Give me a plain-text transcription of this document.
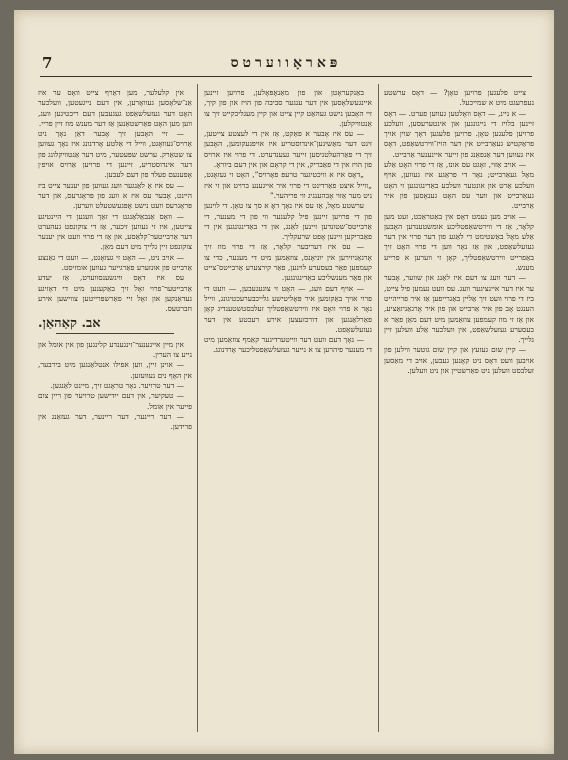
7	פּאראָווערטס

צייט פלעגען פרויען טאָן? — דאָס ערשטע נעפרעגט מיט א שמייכעל.

— א ניינ, — דאָס וואָלטען געווען פערט. — דאָס זיינען בלויז די נייגונגען און אינטערעסען, וועלכע פרויען פלעגען טאָן. פרויען פלעגען דאָך שוין אויך פראַקטיש געאַרבייט אין דער הויז־ווירטשאַפט, דאָס איז געווען דער אַנפאַנג פון זייער איינענער אַרבייט.

— אויב אַזוי, זאָגט עס אונז, אַז די פרוי האָט אַלע מאָל געאַרבייט; נאָר די פראַגע איז געווען, אויף וועלכע אַרט און אונטער וועלכע באַדינגונגען זי האָט געאַרבייט און ווער עס האָט גענאָסען פון איר אַרבייט.

— אויב מען נעמט דאָס אין באַטראַכט, זעט מען קלאָר, אַז די ווירטשאַפטליכע אומשטענדען האָבען אַלע מאָל באַשטימט די לאַגע פון דער פרוי אין דער געזעלשאַפט, און אַז נאָר ווען די פרוי האָט זיך באַפרייט ווירטשאַפטליך, קאָן זי ווערען א פרייע מענש.

— דער וועג צו דעם איז לאַנג און שווער, אָבער ער איז דער איינציגער וועג. עס וועט נעמען פיל צייט, ביז די פרוי וועט זיך אַליין באַגרייפען אַז איר פרייהייט הענגט אָב פון איר אַרבייט און פון איר אָרגאַניזאַציע, און אַז זי מוז קעמפען צוזאַמען מיט דעם מאַן פאַר א בעסערע געזעלשאַפט, אין וועלכער אַלע וועלען זיין גלייך.

— קיין שום געזעץ און קיין שום גוטער ווילען פון אויבען וועט דאָס ניט קאָנען געבען, אויב די מאַסען זעלבסט וועלען ניט פאַרשטיין און ניט וועלען.

באַנקעראָטן און פון מאַנאָפּאָלען, פרויען זיינען איינגעשלאָסען אין דער ענגער סביבה פון הויז און פון קיך, זיי האָבען נישט געהאַט קיין צייט און קיין מעגליכקייט זיך צו אַנטוויקלען.

— עס איז אָבער א פאַקט, אַז אין די לעצטע צייטען, זינט דער מאַשינען־אינדוסטריע איז אויפגעקומען, האָבען זיך די פאַרהעלטניסען זייער געענדערט. די פרוי איז ארויס פון הויז אין די פאַבריק, אין די קראָם און אין דעם ביוראָ.

„דאָס איז א וויכטיגער טרעפּ פאָרויס”, האָט זי געזאָגט, „ווייל איצט פאַרדינט די פרוי איר אייגענע ברויט און זי איז ניט מער אַזוי אָבהענגיג ווי פריהער.”

ערשטע מאָל, אַז עס איז נאָך דאָ א סך צו טאָן. די לוינען פון די פרויען זיינען פיל קלענער ווי פון די מענער, די אַרבייטס־שטונדען זיינען לאַנג, און די באַדינגונגען אין די פאַבריקען זיינען אָפט שרעקליך.

— עס איז דעריבער קלאָר, אַז די פרוי מוז זיך אָרגאַניזירען אין יוניאָנס, צוזאַמען מיט די מענער, כדי צו קעמפען פאַר בעסערע לוינען, פאַר קירצערע אַרבייטס־צייט און פאַר מענשליכע באַדינגונגען.

— אויף דעם וועג, — האָט זי צוגעגעבען, — וועט די פרוי אויך באַקומען איר פּאָליטישע גלייכבערעכטיגונג, ווייל נאָר א פרוי וואָס איז ווירטשאַפטליך זעלבסטשטענדיג קאָן פאַרלאַנגען און דורכזעצען אירע רעכטע אין דער געזעלשאַפט.

— נאָך דעם וועט דער ווייטערדיגער קאַמף צוזאַמען מיט די מענער פיהרען צו א נייער געזעלשאַפטליכער אָרדנונג.

אין קלעלער, מען דאַרף צייט וואָס ער איז אַנ־שלאָסען געוואָרען, אין דעם נייגעטען, וועלכער האָט דער געזעלשאַפט געגעבען דעם ריכטיגען וועג, ווען מען האָט פאַרשטאַנען אַז דער מענש מוז זיין פריי.

— זיי האָבען זיך אָבער דאַן נאָך ניט אַרויס־געוואָגט, ווייל די אַלטע אָרדנונג איז נאָך געווען צו שטאַרק. ערשט שפּעטער, מיט דער אַנטוויקלונג פון דער אינדוסטריע, זיינען די פרויען אַרויס אויפ׳ן אָפענעם פעלד פון דעם לעבען.

— עס איז אַ לאַנגער וועג געווען פון יענער צייט ביז היינט, אָבער עס איז א וועג פון פּראָגרעס, און דער פּראָגרעס וועט נישט אָפּגעשטעלט ווערען.

— וואָס אַנבאַלאַנגט די זאַך וועגען די היינטיגע צייטען, איז זי געווען זיכער, אַז די צוקונפט געהערט דער אַרבייטער־קלאַסע, און אַז די פרוי וועט אין יענער צוקונפט זיין גלייך מיט דעם מאַן.

— אויב ניט, — האָט זי געזאָגט, — וועט די גאַנצע אַרבייט פון אונזערע פאַרגייער געווען אומזיסט.

עס איז דאָס ווינשענסווערט, אַז יעדע אַרבייטער־פרוי זאָל זיך באַקענען מיט די דאָזיגע געדאַנקען און זאָל זיי פאַרשפּרייטען צווישען אירע חברטעס.

אב. קאַהאַן.

אין מיין אייגענער־זינגענדע קלינגען פון אין אומל און נייע צו הערין.

— אוינן זיין, ווען אפילו אנטלאַנגען מיט בירבער, אין האָף נים נעוועזען.

— דער טרויער. נאָר טראָגט זיך, מיינט לאַנגען.

— טעקיער, אין דעם ייִדישען טרויער פון ריין צום פייער אין אומל.

— דער ריינער, דער ריינער, דער געזאַנג אין פרידען.
